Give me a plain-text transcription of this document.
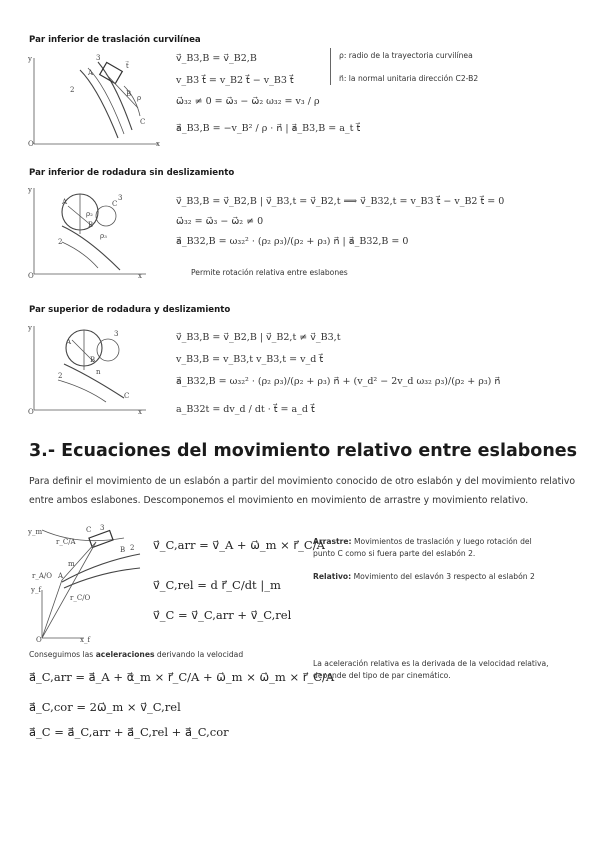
Par inferior de traslación curvilínea
y
x
O
A
B
C
ρ
t⃗
2
3	v⃗_B3,B = v⃗_B2,B
v_B3 t⃗ = v_B2 t⃗ − v_B3 t⃗
ω⃗₃₂ ≠ 0 = ω⃗₃ − ω⃗₂ ω₃₂ = v₃ / ρ
a⃗_B3,B = −v_B² / ρ · n⃗ | a⃗_B3,B = a_t t⃗
ρ: radio de la trayectoria curvilínea
n⃗: la normal unitaria dirección C2-B2
Par inferior de rodadura sin deslizamiento
y
x
O
A
B
C
ρ₂
ρ₃
2
3	v⃗_B3,B = v⃗_B2,B | v⃗_B3,t = v⃗_B2,t ⟹ v⃗_B32,t = v_B3 t⃗ − v_B2 t⃗ = 0
ω⃗₃₂ = ω⃗₃ − ω⃗₂ ≠ 0
a⃗_B32,B = ω₃₂² · (ρ₂ ρ₃)/(ρ₂ + ρ₃) n⃗ | a⃗_B32,B = 0
Permite rotación relativa entre eslabones
Par superior de rodadura y deslizamiento
y
x
O
A
B
C
n
2
3	v⃗_B3,B = v⃗_B2,B | v⃗_B2,t ≠ v⃗_B3,t
v_B3,B = v_B3,t v_B3,t = v_d t⃗
a⃗_B32,B = ω₃₂² · (ρ₂ ρ₃)/(ρ₂ + ρ₃) n⃗ + (v_d² − 2v_d ω₃₂ ρ₃)/(ρ₂ + ρ₃) n⃗
a_B32t = dv_d / dt · t⃗ = a_d t⃗
3.- Ecuaciones del movimiento relativo entre eslabones
Para definir el movimiento de un eslabón a partir del movimiento conocido de otro eslabón y del movimiento relativo entre ambos eslabones. Descomponemos el movimiento en movimiento de arrastre y movimiento relativo.
y_m
r_C/A
r_A/O
r_C/O
y_f
x_f
O
A
C
B 2
3
m
v⃗_C,arr = v⃗_A + ω⃗_m × r⃗_C/A
v⃗_C,rel = d r⃗_C/dt |_m
v⃗_C = v⃗_C,arr + v⃗_C,rel
Arrastre: Movimientos de traslación y luego rotación del punto C como si fuera parte del eslabón 2.
Relativo: Movimiento del eslavón 3 respecto al eslabón 2
Conseguimos las aceleraciones derivando la velocidad
a⃗_C,arr = a⃗_A + α⃗_m × r⃗_C/A + ω⃗_m × ω⃗_m × r⃗_C/A
a⃗_C,cor = 2ω⃗_m × v⃗_C,rel
a⃗_C = a⃗_C,arr + a⃗_C,rel + a⃗_C,cor
La aceleración relativa es la derivada de la velocidad relativa, depende del tipo de par cinemático.
